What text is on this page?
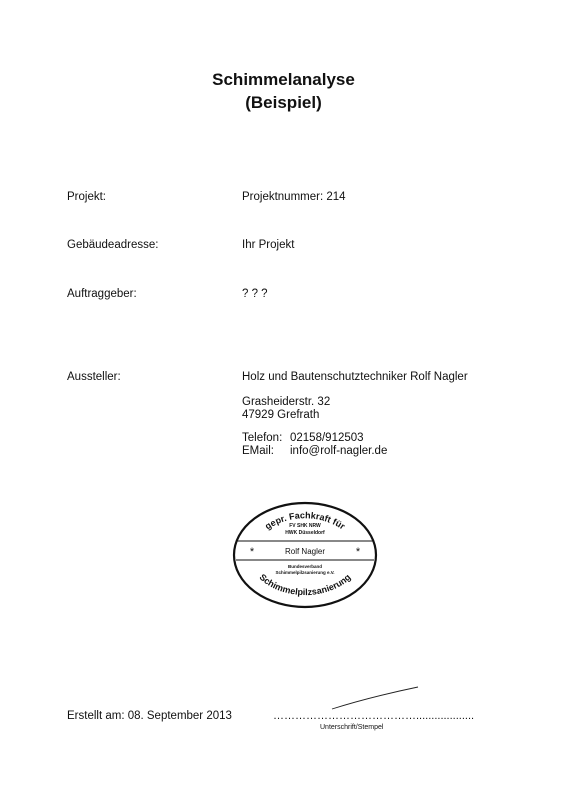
Schimmelanalyse
(Beispiel)
Projekt:	Projektnummer: 214
Gebäudeadresse:	Ihr Projekt
Auftraggeber:	? ? ?
Aussteller:	Holz und Bautenschutztechniker Rolf Nagler
Grasheiderstr. 32
47929 Grefrath
Telefon: 02158/912503
EMail: info@rolf-nagler.de
gepr. Fachkraft für
FV SHK NRW
HWK Düsseldorf
*	Rolf Nagler	*
Bundesverband
Schimmelpilzsanierung e.V.
Schimmelpilzsanierung
Erstellt am: 08. September 2013	…………………………………...................
Unterschrift/Stempel
